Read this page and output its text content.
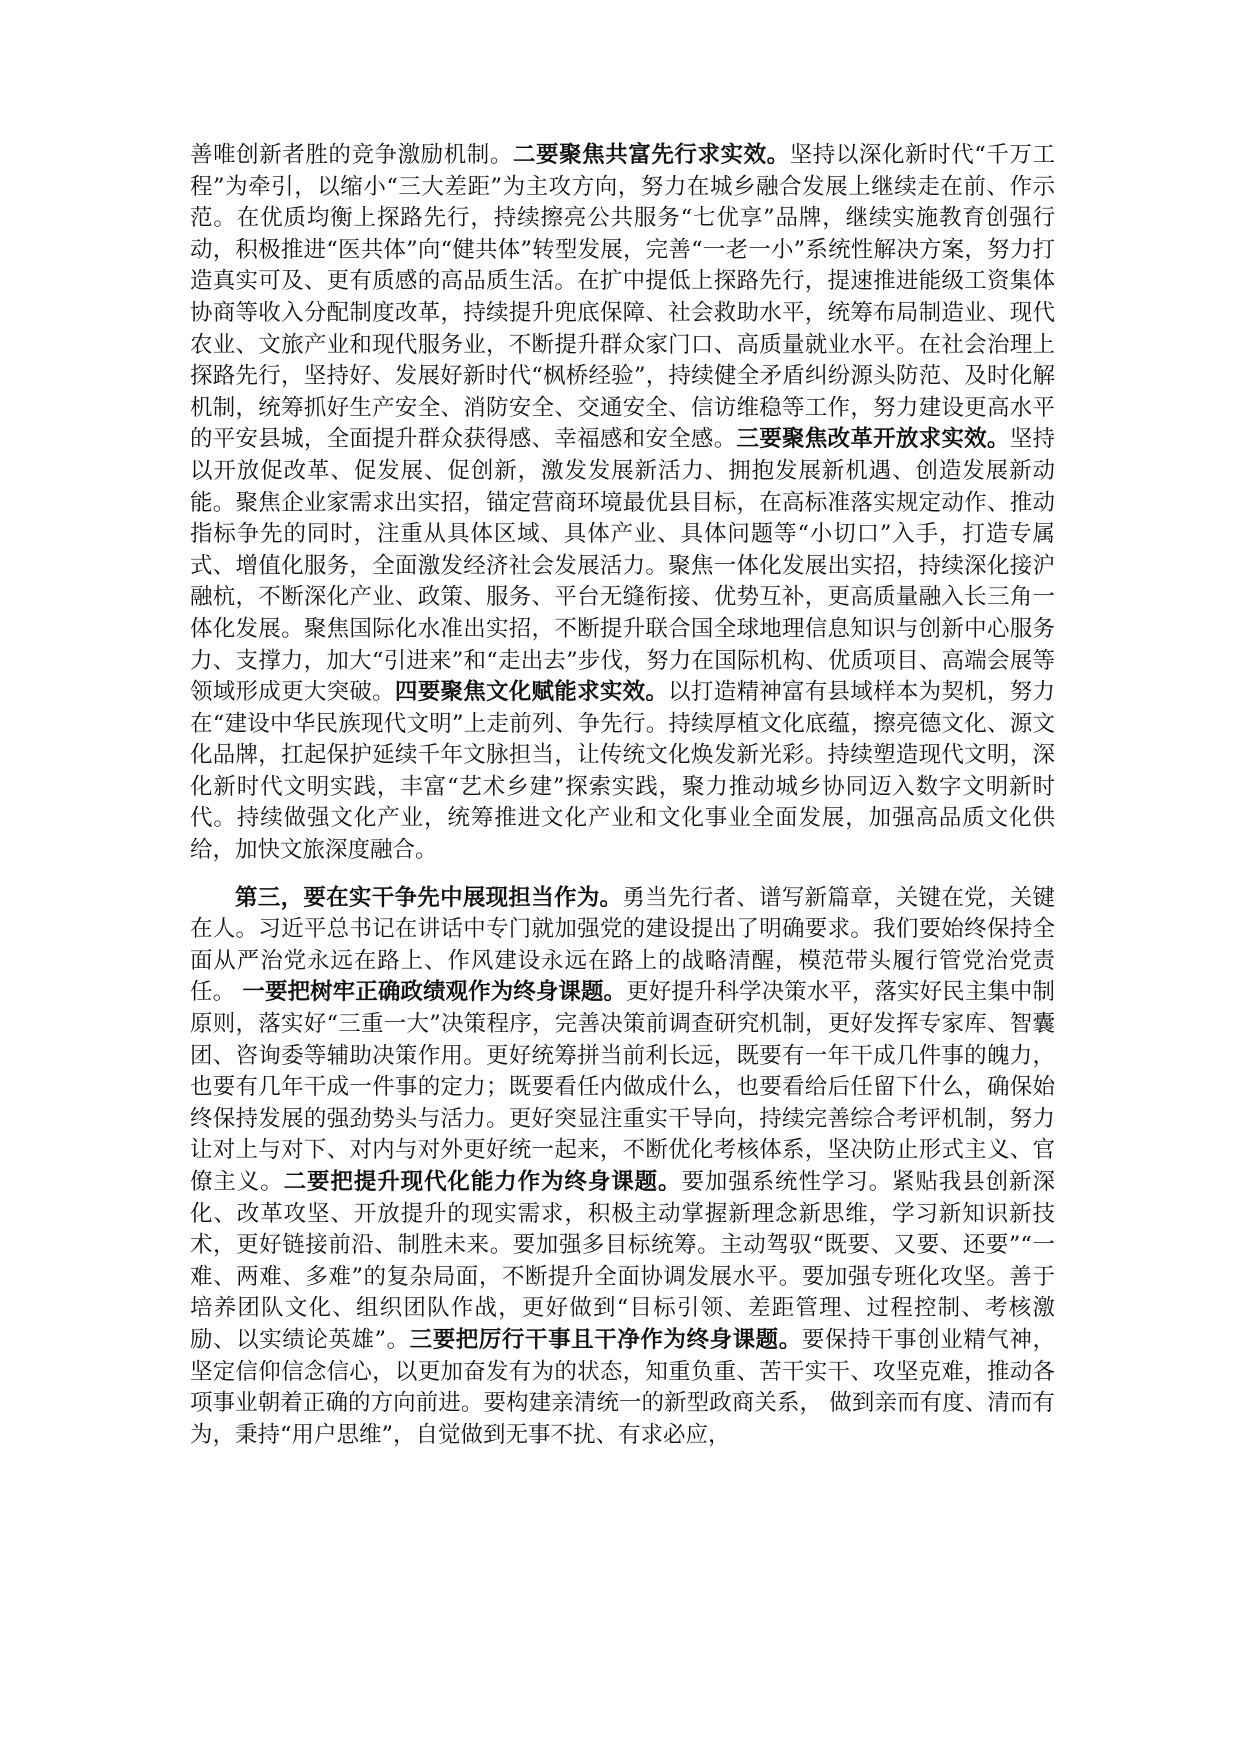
善唯创新者胜的竞争激励机制。二要聚焦共富先行求实效。坚持以深化新时代“千万工程”为牵引，以缩小“三大差距”为主攻方向，努力在城乡融合发展上继续走在前、作示范。在优质均衡上探路先行，持续擦亮公共服务“七优享”品牌，继续实施教育创强行动，积极推进“医共体”向“健共体”转型发展，完善“一老一小”系统性解决方案，努力打造真实可及、更有质感的高品质生活。在扩中提低上探路先行，提速推进能级工资集体协商等收入分配制度改革，持续提升兜底保障、社会救助水平，统筹布局制造业、现代农业、文旅产业和现代服务业，不断提升群众家门口、高质量就业水平。在社会治理上探路先行，坚持好、发展好新时代“枫桥经验”，持续健全矛盾纠纷源头防范、及时化解机制，统筹抓好生产安全、消防安全、交通安全、信访维稳等工作，努力建设更高水平的平安县城，全面提升群众获得感、幸福感和安全感。三要聚焦改革开放求实效。坚持以开放促改革、促发展、促创新，激发发展新活力、拥抱发展新机遇、创造发展新动能。聚焦企业家需求出实招，锚定营商环境最优县目标，在高标准落实规定动作、推动指标争先的同时，注重从具体区域、具体产业、具体问题等“小切口”入手，打造专属式、增值化服务，全面激发经济社会发展活力。聚焦一体化发展出实招，持续深化接沪融杭，不断深化产业、政策、服务、平台无缝衔接、优势互补，更高质量融入长三角一体化发展。聚焦国际化水准出实招，不断提升联合国全球地理信息知识与创新中心服务力、支撑力，加大“引进来”和“走出去”步伐，努力在国际机构、优质项目、高端会展等领域形成更大突破。四要聚焦文化赋能求实效。以打造精神富有县域样本为契机，努力在“建设中华民族现代文明”上走前列、争先行。持续厚植文化底蕴，擦亮德文化、源文化品牌，扛起保护延续千年文脉担当，让传统文化焕发新光彩。持续塑造现代文明，深化新时代文明实践，丰富“艺术乡建”探索实践，聚力推动城乡协同迈入数字文明新时代。持续做强文化产业，统筹推进文化产业和文化事业全面发展，加强高品质文化供 给，加快文旅深度融合。

第三，要在实干争先中展现担当作为。勇当先行者、谱写新篇章，关键在党，关键在人。习近平总书记在讲话中专门就加强党的建设提出了明确要求。我们要始终保持全面从严治党永远在路上、作风建设永远在路上的战略清醒，模范带头履行管党治党责任。 一要把树牢正确政绩观作为终身课题。更好提升科学决策水平，落实好民主集中制原则，落实好“三重一大”决策程序，完善决策前调查研究机制，更好发挥专家库、智囊团、咨询委等辅助决策作用。更好统筹拼当前利长远，既要有一年干成几件事的魄力，也要有几年干成一件事的定力；既要看任内做成什么，也要看给后任留下什么，确保始终保持发展的强劲势头与活力。更好突显注重实干导向，持续完善综合考评机制，努力让对上与对下、对内与对外更好统一起来，不断优化考核体系，坚决防止形式主义、官僚主义。二要把提升现代化能力作为终身课题。要加强系统性学习。紧贴我县创新深化、改革攻坚、开放提升的现实需求，积极主动掌握新理念新思维，学习新知识新技术，更好链接前沿、制胜未来。要加强多目标统筹。主动驾驭“既要、又要、还要”“一难、两难、多难”的复杂局面，不断提升全面协调发展水平。要加强专班化攻坚。善于培养团队文化、组织团队作战，更好做到“目标引领、差距管理、过程控制、考核激励、以实绩论英雄”。三要把厉行干事且干净作为终身课题。要保持干事创业精气神，坚定信仰信念信心，以更加奋发有为的状态，知重负重、苦干实干、攻坚克难，推动各项事业朝着正确的方向前进。要构建亲清统一的新型政商关系， 做到亲而有度、清而有为，秉持“用户思维”，自觉做到无事不扰、有求必应，
